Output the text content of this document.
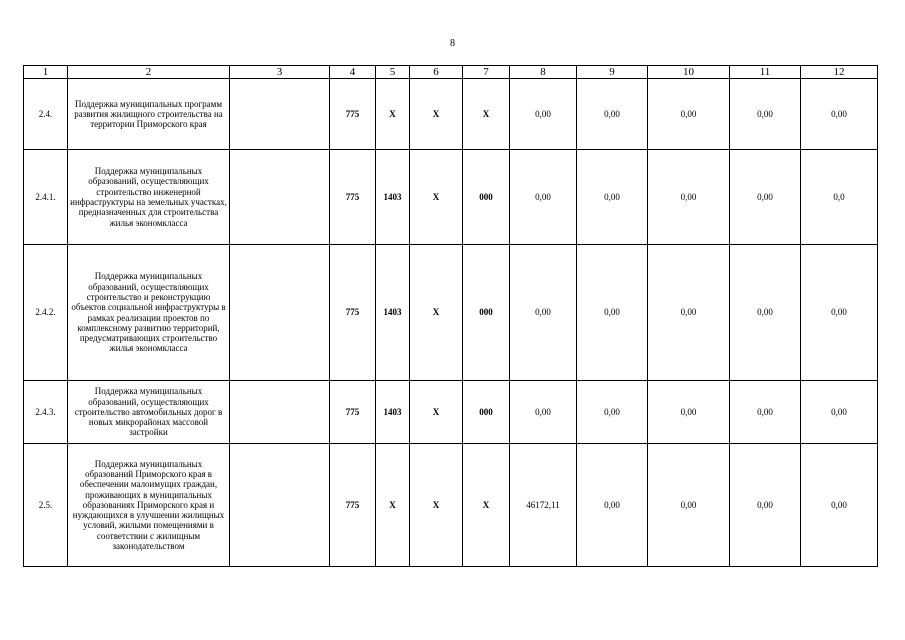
8
1	2	3	4	5	6	7	8	9	10	11	12
2.4.	Поддержка муниципальных программ развития жилищного строительства на территории Приморского края		775	Х	Х	Х	0,00	0,00	0,00	0,00	0,00
2.4.1.	Поддержка муниципальных образований, осуществляющих строительство инженерной инфраструктуры на земельных участках, предназначенных для строительства жилья экономкласса		775	1403	Х	000	0,00	0,00	0,00	0,00	0,0
2.4.2.	Поддержка муниципальных образований, осуществляющих строительство и реконструкцию объектов социальной инфраструктуры в рамках реализации проектов по комплексному развитию территорий, предусматривающих строительство жилья экономкласса		775	1403	Х	000	0,00	0,00	0,00	0,00	0,00
2.4.3.	Поддержка муниципальных образований, осуществляющих строительство автомобильных дорог в новых микрорайонах массовой застройки		775	1403	Х	000	0,00	0,00	0,00	0,00	0,00
2.5.	Поддержка муниципальных образований Приморского края в обеспечении малоимущих граждан, проживающих в муниципальных образованиях Приморского края и нуждающихся в улучшении жилищных условий, жилыми помещениями в соответствии с жилищным законодательством		775	Х	Х	Х	46172,11	0,00	0,00	0,00	0,00
